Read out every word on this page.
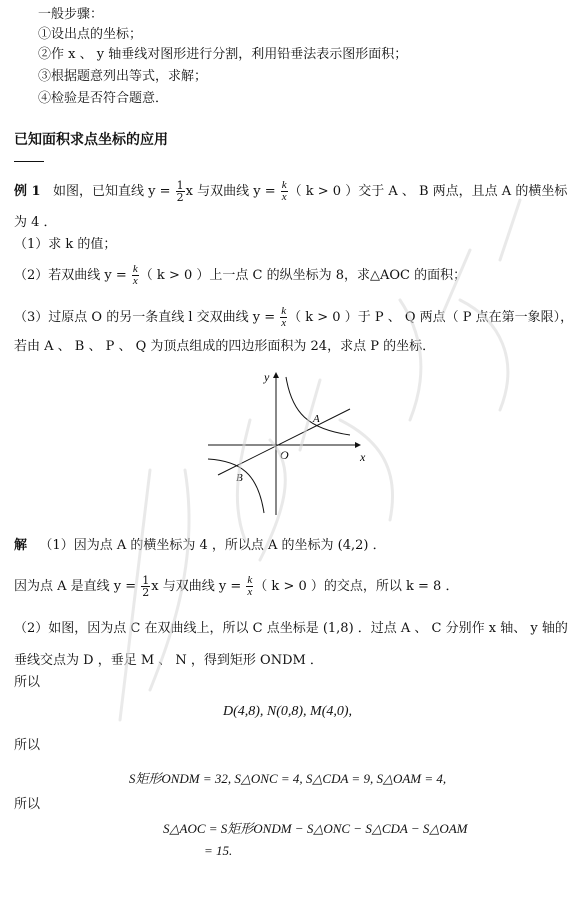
一般步骤：
①设出点的坐标；
②作 x 、 y 轴垂线对图形进行分割，利用铅垂法表示图形面积；
③根据题意列出等式，求解；
④检验是否符合题意．
已知面积求点坐标的应用
例 1 如图，已知直线 $y = \frac{1}{2}$ x 与双曲线 $y = \frac{k}{x}$ （ k > 0 ）交于 A 、 B 两点，且点 A 的横坐标
为 4 ．
（1）求 k 的值；
（2）若双曲线 $y = \frac{k}{x}$ （ k > 0 ）上一点 C 的纵坐标为 8，求△AOC 的面积；
（3）过原点 O 的另一条直线 l 交双曲线 $y = \frac{k}{x}$ （ k > 0 ）于 P 、 Q 两点（ P 点在第一象限），
若由 A 、 B 、 P 、 Q 为顶点组成的四边形面积为 24，求点 P 的坐标．
y
x
O
A
B
解 （1）因为点 A 的横坐标为 4 ，所以点 A 的坐标为 (4,2) ．
因为点 A 是直线 $y = \frac{1}{2}$ x 与双曲线 $y = \frac{k}{x}$ （ k > 0 ）的交点，所以 k = 8 ．
（2）如图，因为点 C 在双曲线上，所以 C 点坐标是 (1,8) ．过点 A 、 C 分别作 x 轴、 y 轴的
垂线交点为 D ，垂足 M 、 N ，得到矩形 ONDM ．
所以
D(4,8), N(0,8), M(4,0),
所以
S矩形ONDM = 32, S△ONC = 4, S△CDA = 9, S△OAM = 4,
所以
S△AOC = S矩形ONDM − S△ONC − S△CDA − S△OAM
= 15.
